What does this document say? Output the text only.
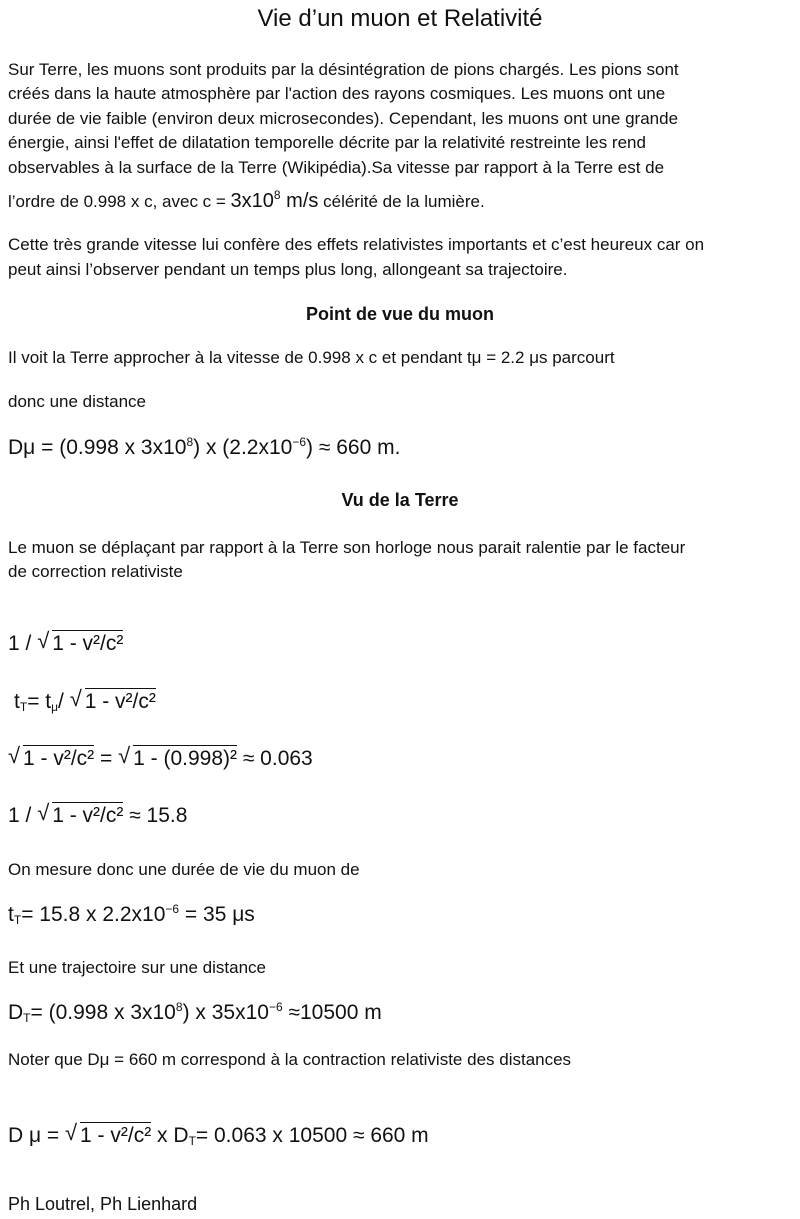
Vie d’un muon et Relativité
Sur Terre, les muons sont produits par la désintégration de pions chargés. Les pions sont
créés dans la haute atmosphère par l'action des rayons cosmiques. Les muons ont une
durée de vie faible (environ deux microsecondes). Cependant, les muons ont une grande
énergie, ainsi l'effet de dilatation temporelle décrite par la relativité restreinte les rend
observables à la surface de la Terre (Wikipédia).Sa vitesse par rapport à la Terre est de
l’ordre de 0.998 x c, avec $c = 3x10^8$ m/s célérité de la lumière.
Cette très grande vitesse lui confère des effets relativistes importants et c’est heureux car on
peut ainsi l’observer pendant un temps plus long, allongeant sa trajectoire.
Point de vue du muon
Il voit la Terre approcher à la vitesse de 0.998 x c et pendant tμ = 2.2 μs parcourt
donc une distance
Dμ = (0.998 x $3x10^8$) x $(2.2x10^{-6}) \approx 660$ m.
Vu de la Terre
Le muon se déplaçant par rapport à la Terre son horloge nous parait ralentie par le facteur
de correction relativiste
1 / √ 1 - v²/c²
$t_T= t_\mu/$ √ 1 - v²/c²
√ 1 - v²/c² = √ 1 - (0.998)² ≈ 0.063
1 / √ 1 - v²/c² ≈ 15.8
On mesure donc une durée de vie du muon de
$t_T= 15.8$ x $2.2x10^{-6} = 35$ μs
Et une trajectoire sur une distance
$D_T= (0.998$ x $3x10^8$) x $35x10^{-6} \approx 10500$ m
Noter que Dμ = 660 m correspond à la contraction relativiste des distances
D μ = √ 1 - v²/c² x $D_T= 0.063$ x 10500 ≈ 660 m
Ph Loutrel, Ph Lienhard
